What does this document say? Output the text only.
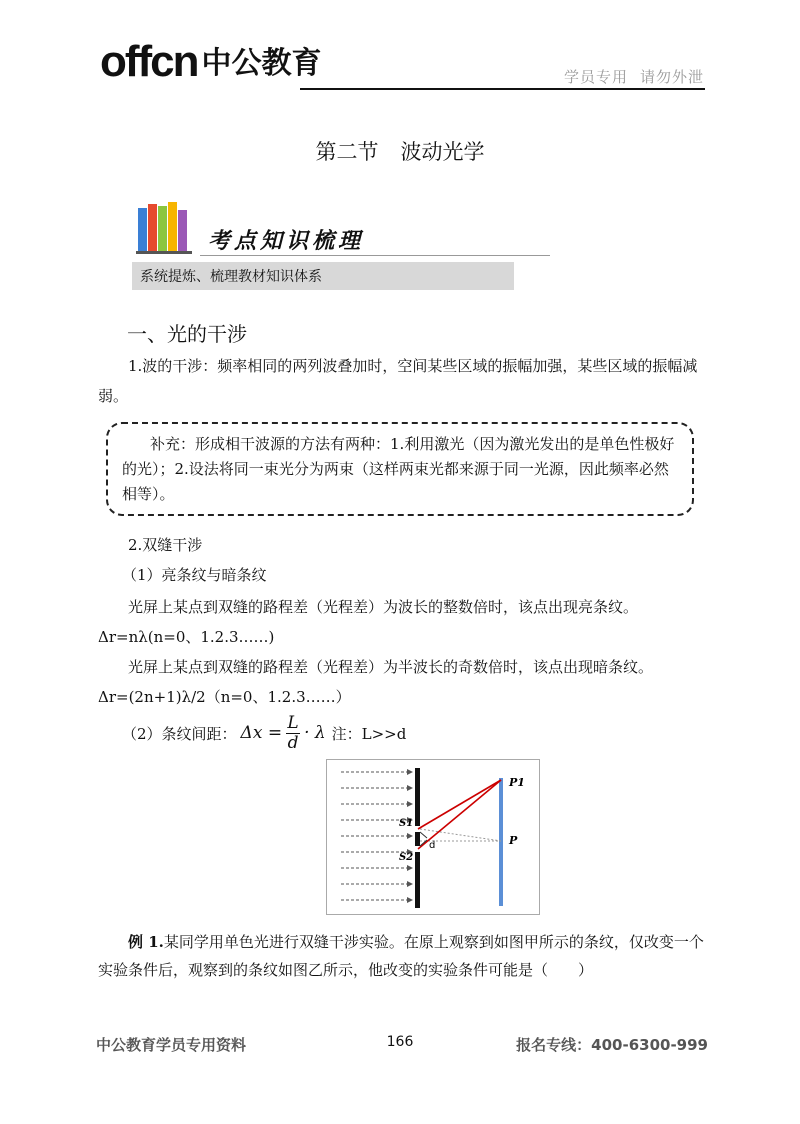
offcn 中公教育	学员专用 请勿外泄
第二节 波动光学
考点知识梳理
系统提炼、梳理教材知识体系
一、光的干涉
1.波的干涉：频率相同的两列波叠加时，空间某些区域的振幅加强，某些区域的振幅减弱。
补充：形成相干波源的方法有两种：1.利用激光（因为激光发出的是单色性极好的光）；2.设法将同一束光分为两束（这样两束光都来源于同一光源，因此频率必然相等）。
2.双缝干涉
（1）亮条纹与暗条纹
光屏上某点到双缝的路程差（光程差）为波长的整数倍时，该点出现亮条纹。
Δr=nλ(n=0、1.2.3……)
光屏上某点到双缝的路程差（光程差）为半波长的奇数倍时，该点出现暗条纹。
Δr=(2n+1)λ/2（n=0、1.2.3……）
（2）条纹间距： Δx =
L
d · λ 注：L>>d
P1
S1
S2
d	P
例 1.某同学用单色光进行双缝干涉实验。在原上观察到如图甲所示的条纹，仅改变一个实验条件后，观察到的条纹如图乙所示，他改变的实验条件可能是（　　）
中公教育学员专用资料	166	报名专线：400-6300-999
